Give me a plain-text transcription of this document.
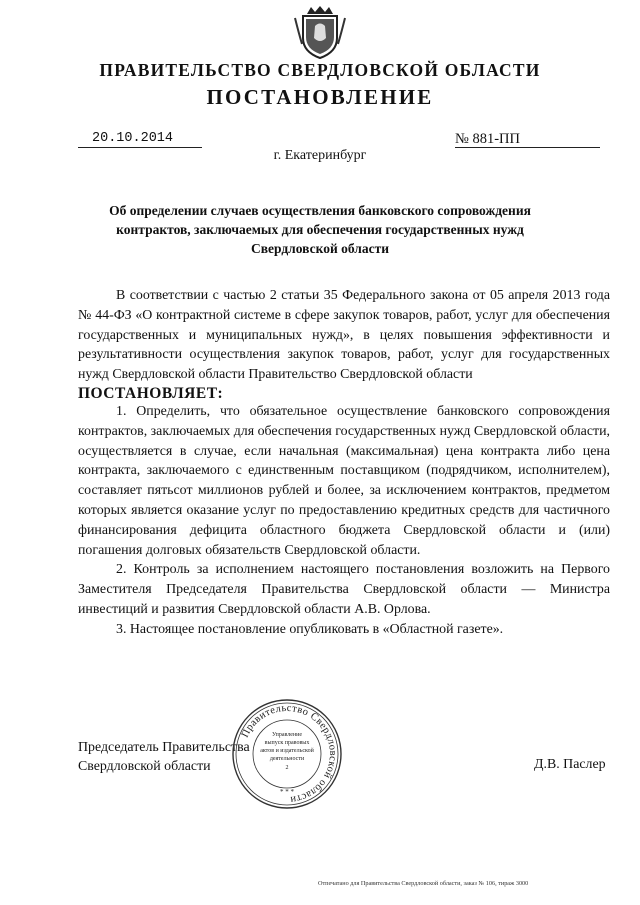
ПРАВИТЕЛЬСТВО СВЕРДЛОВСКОЙ ОБЛАСТИ
ПОСТАНОВЛЕНИЕ
20.10.2014	№ 881-ПП
г. Екатеринбург
Об определении случаев осуществления банковского сопровождения
контрактов, заключаемых для обеспечения государственных нужд
Свердловской области

В соответствии с частью 2 статьи 35 Федерального закона от 05 апреля 2013 года № 44-ФЗ «О контрактной системе в сфере закупок товаров, работ, услуг для обеспечения государственных и муниципальных нужд», в целях повышения эффективности и результативности осуществления закупок товаров, работ, услуг для государственных нужд Свердловской области Правительство Свердловской области

ПОСТАНОВЛЯЕТ:

1. Определить, что обязательное осуществление банковского сопровождения контрактов, заключаемых для обеспечения государственных нужд Свердловской области, осуществляется в случае, если начальная (максимальная) цена контракта либо цена контракта, заключаемого с единственным поставщиком (подрядчиком, исполнителем), составляет пятьсот миллионов рублей и более, за исключением контрактов, предметом которых является оказание услуг по предоставлению кредитных средств для частичного финансирования дефицита областного бюджета Свердловской области и (или) погашения долговых обязательств Свердловской области.

2. Контроль за исполнением настоящего постановления возложить на Первого Заместителя Председателя Правительства Свердловской области — Министра инвестиций и развития Свердловской области А.В. Орлова.

3. Настоящее постановление опубликовать в «Областной газете».

Председатель Правительства
Свердловской области	Д.В. Паслер
Правительство Свердловской области
Управление
выпуск правовых
актов и издательской
деятельности
2
* * *
Отпечатано для Правительства Свердловской области, заказ № 106, тираж 3000
